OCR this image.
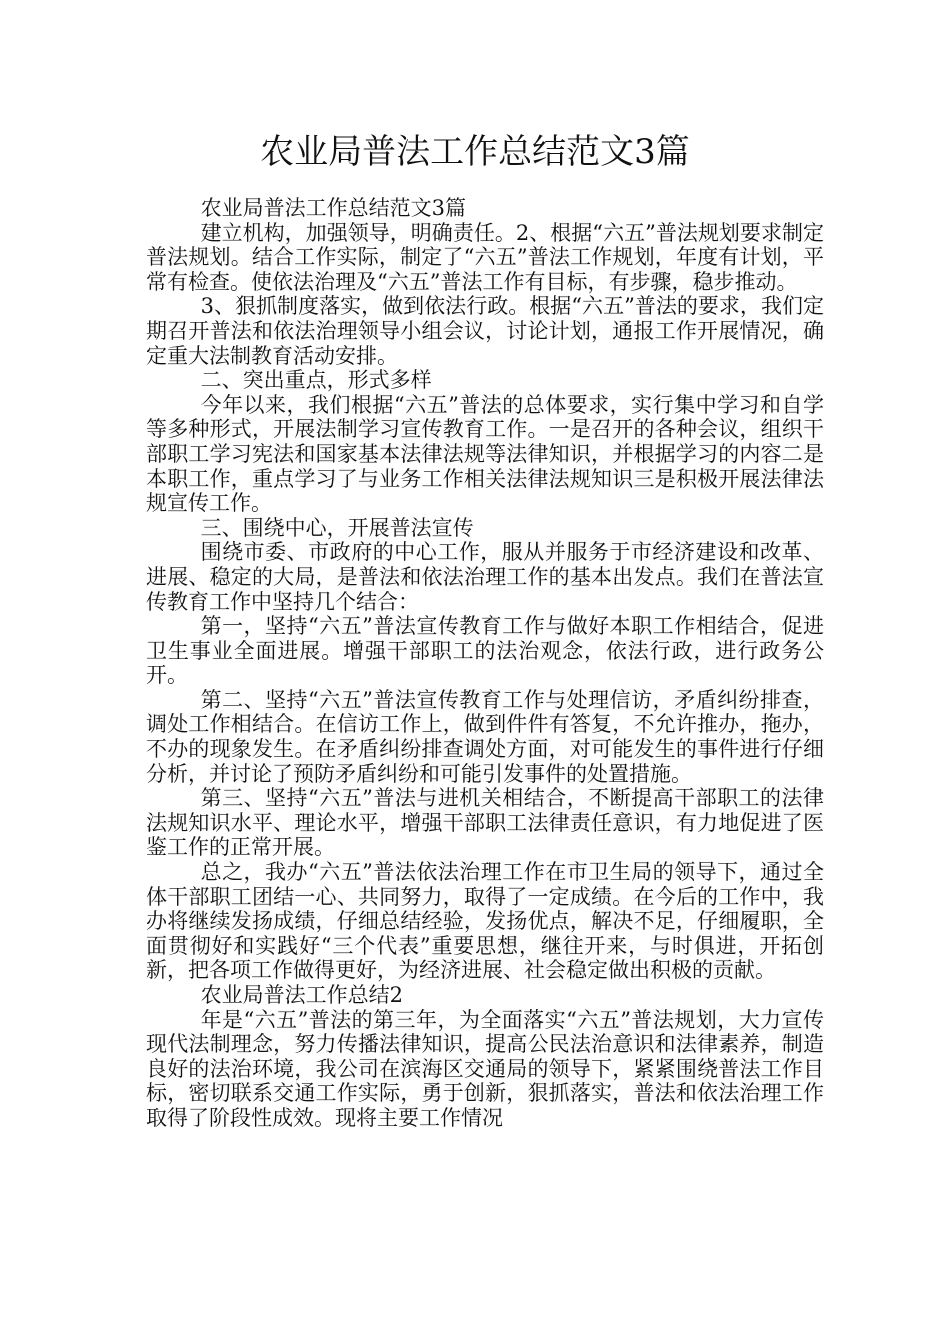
农业局普法工作总结范文3篇

农业局普法工作总结范文3篇

建立机构，加强领导，明确责任。2、根据“六五”普法规划要求制定普法规划。结合工作实际，制定了“六五”普法工作规划，年度有计划，平常有检查。使依法治理及“六五”普法工作有目标，有步骤，稳步推动。

3、狠抓制度落实，做到依法行政。根据“六五”普法的要求，我们定期召开普法和依法治理领导小组会议，讨论计划，通报工作开展情况，确定重大法制教育活动安排。

二、突出重点，形式多样

今年以来，我们根据“六五”普法的总体要求，实行集中学习和自学等多种形式，开展法制学习宣传教育工作。一是召开的各种会议，组织干部职工学习宪法和国家基本法律法规等法律知识，并根据学习的内容二是本职工作，重点学习了与业务工作相关法律法规知识三是积极开展法律法规宣传工作。

三、围绕中心，开展普法宣传

围绕市委、市政府的中心工作，服从并服务于市经济建设和改革、进展、稳定的大局，是普法和依法治理工作的基本出发点。我们在普法宣传教育工作中坚持几个结合：

第一，坚持“六五”普法宣传教育工作与做好本职工作相结合，促进卫生事业全面进展。增强干部职工的法治观念，依法行政，进行政务公开。

第二、坚持“六五”普法宣传教育工作与处理信访，矛盾纠纷排查，调处工作相结合。在信访工作上，做到件件有答复，不允许推办，拖办，不办的现象发生。在矛盾纠纷排查调处方面，对可能发生的事件进行仔细分析，并讨论了预防矛盾纠纷和可能引发事件的处置措施。

第三、坚持“六五”普法与进机关相结合，不断提高干部职工的法律法规知识水平、理论水平，增强干部职工法律责任意识，有力地促进了医鉴工作的正常开展。

总之，我办“六五”普法依法治理工作在市卫生局的领导下，通过全体干部职工团结一心、共同努力，取得了一定成绩。在今后的工作中，我办将继续发扬成绩，仔细总结经验，发扬优点，解决不足，仔细履职，全面贯彻好和实践好“三个代表”重要思想，继往开来，与时俱进，开拓创新，把各项工作做得更好，为经济进展、社会稳定做出积极的贡献。

农业局普法工作总结2

年是“六五”普法的第三年，为全面落实“六五”普法规划，大力宣传现代法制理念，努力传播法律知识，提高公民法治意识和法律素养，制造良好的法治环境，我公司在滨海区交通局的领导下，紧紧围绕普法工作目标，密切联系交通工作实际，勇于创新，狠抓落实，普法和依法治理工作取得了阶段性成效。现将主要工作情况
